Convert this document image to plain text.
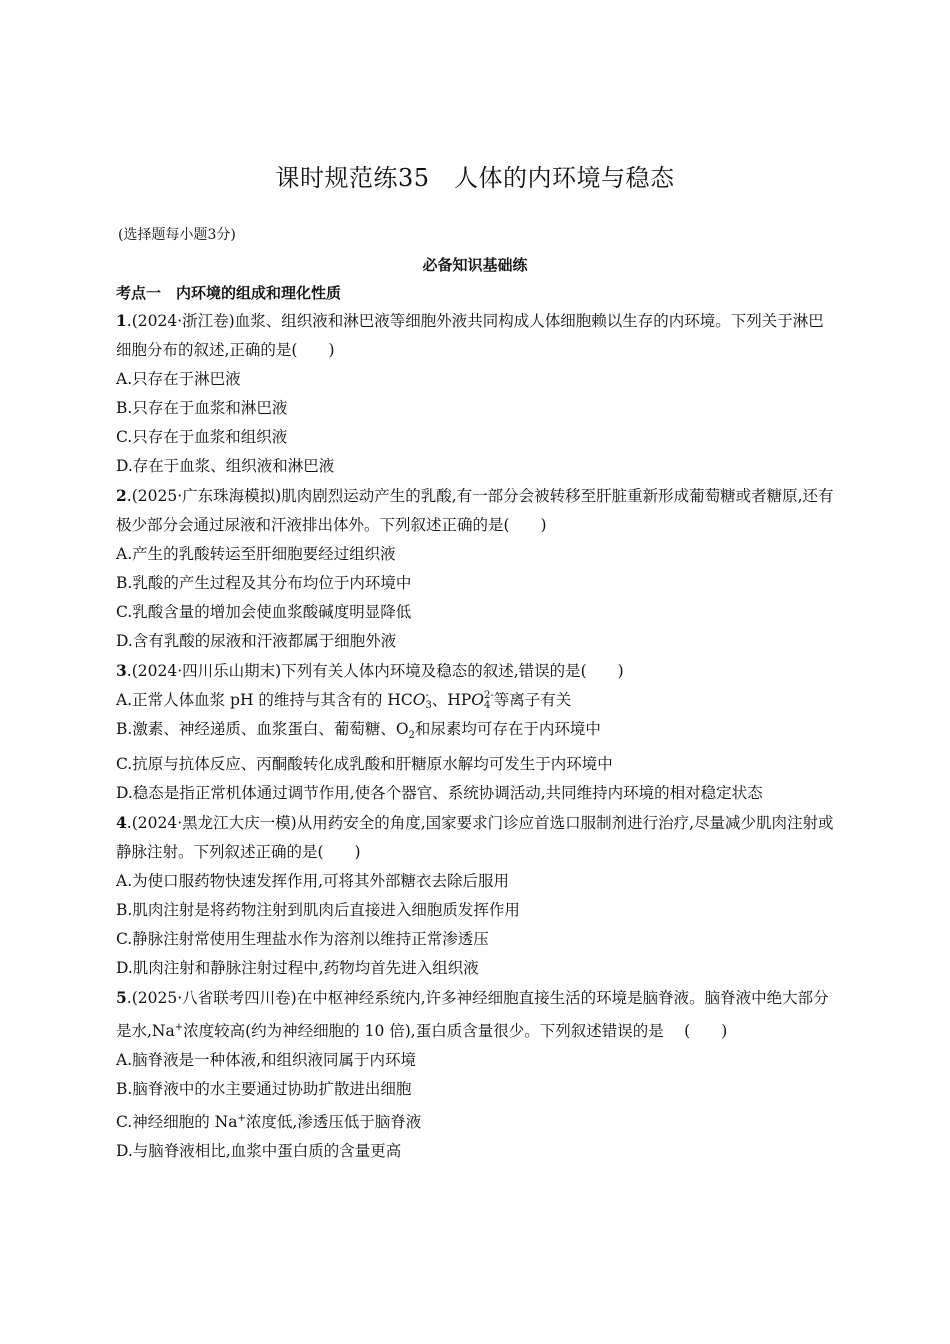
课时规范练35　人体的内环境与稳态
(选择题每小题3分)
必备知识基础练
考点一　内环境的组成和理化性质

1.(2024·浙江卷)血浆、组织液和淋巴液等细胞外液共同构成人体细胞赖以生存的内环境。下列关于淋巴细胞分布的叙述,正确的是(　　)

A.只存在于淋巴液

B.只存在于血浆和淋巴液

C.只存在于血浆和组织液

D.存在于血浆、组织液和淋巴液

2.(2025·广东珠海模拟)肌肉剧烈运动产生的乳酸,有一部分会被转移至肝脏重新形成葡萄糖或者糖原,还有极少部分会通过尿液和汗液排出体外。下列叙述正确的是(　　)

A.产生的乳酸转运至肝细胞要经过组织液

B.乳酸的产生过程及其分布均位于内环境中

C.乳酸含量的增加会使血浆酸碱度明显降低

D.含有乳酸的尿液和汗液都属于细胞外液

3.(2024·四川乐山期末)下列有关人体内环境及稳态的叙述,错误的是(　　)

A.正常人体血浆 pH 的维持与其含有的 HCO -
3 、HPO 2-
4 等离子有关

B.激素、神经递质、血浆蛋白、葡萄糖、$O_2$和尿素均可存在于内环境中

C.抗原与抗体反应、丙酮酸转化成乳酸和肝糖原水解均可发生于内环境中

D.稳态是指正常机体通过调节作用,使各个器官、系统协调活动,共同维持内环境的相对稳定状态

4.(2024·黑龙江大庆一模)从用药安全的角度,国家要求门诊应首选口服制剂进行治疗,尽量减少肌肉注射或静脉注射。下列叙述正确的是(　　)

A.为使口服药物快速发挥作用,可将其外部糖衣去除后服用

B.肌肉注射是将药物注射到肌肉后直接进入细胞质发挥作用

C.静脉注射常使用生理盐水作为溶剂以维持正常渗透压

D.肌肉注射和静脉注射过程中,药物均首先进入组织液

5.(2025·八省联考四川卷)在中枢神经系统内,许多神经细胞直接生活的环境是脑脊液。脑脊液中绝大部分是水,Na+浓度较高(约为神经细胞的 10 倍),蛋白质含量很少。下列叙述错误的是　 (　　)

A.脑脊液是一种体液,和组织液同属于内环境

B.脑脊液中的水主要通过协助扩散进出细胞

C.神经细胞的 Na+浓度低,渗透压低于脑脊液

D.与脑脊液相比,血浆中蛋白质的含量更高
